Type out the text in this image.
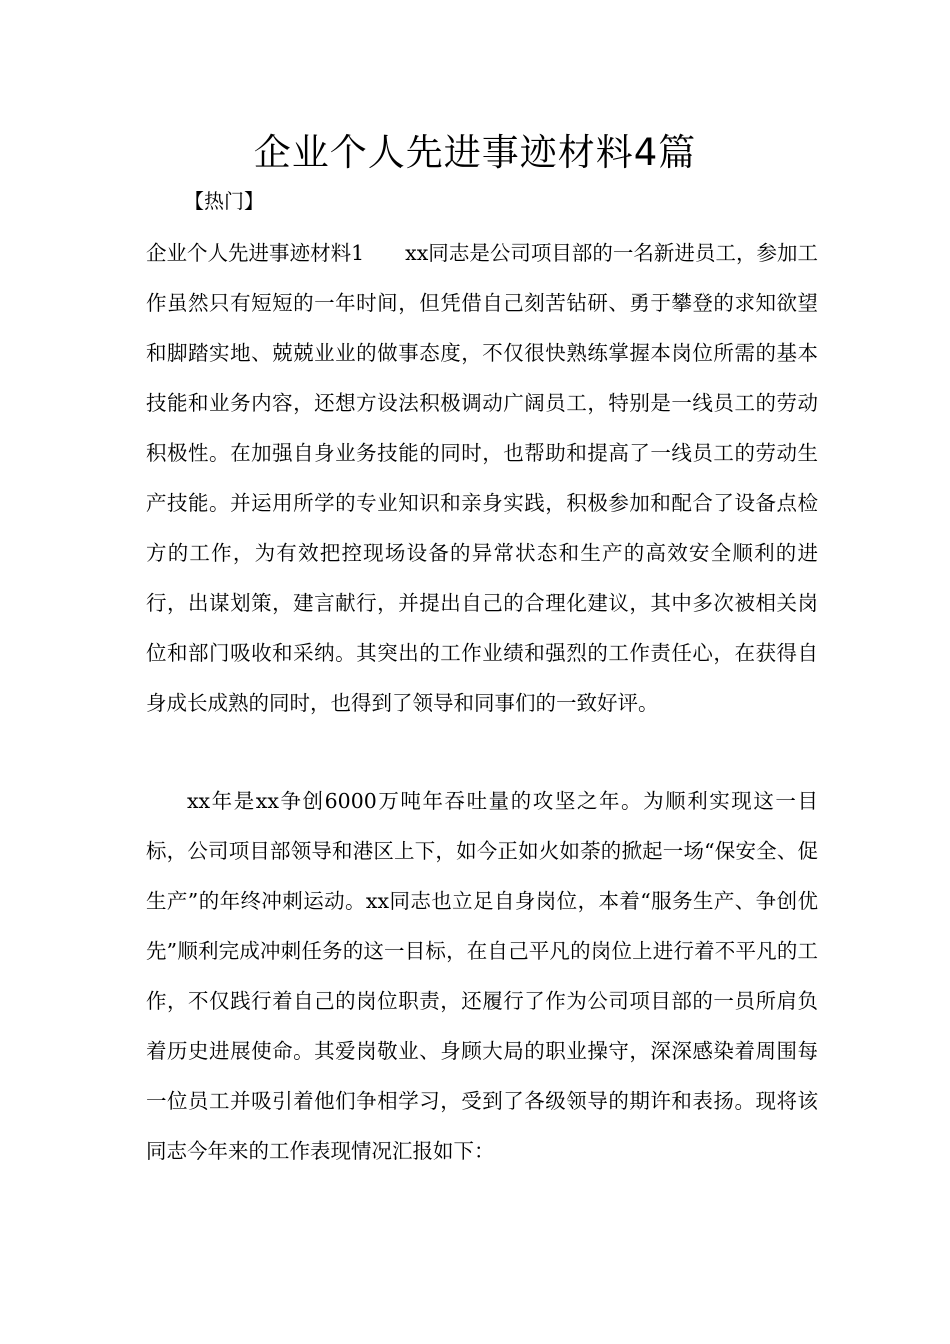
企业个人先进事迹材料4篇

【热门】

企业个人先进事迹材料1　　xx同志是公司项目部的一名新进员工，参加工作虽然只有短短的一年时间，但凭借自己刻苦钻研、勇于攀登的求知欲望和脚踏实地、兢兢业业的做事态度，不仅很快熟练掌握本岗位所需的基本技能和业务内容，还想方设法积极调动广阔员工，特别是一线员工的劳动积极性。在加强自身业务技能的同时，也帮助和提高了一线员工的劳动生产技能。并运用所学的专业知识和亲身实践，积极参加和配合了设备点检方的工作，为有效把控现场设备的异常状态和生产的高效安全顺利的进行，出谋划策，建言献行，并提出自己的合理化建议，其中多次被相关岗位和部门吸收和采纳。其突出的工作业绩和强烈的工作责任心，在获得自身成长成熟的同时，也得到了领导和同事们的一致好评。

xx年是xx争创6000万吨年吞吐量的攻坚之年。为顺利实现这一目标，公司项目部领导和港区上下，如今正如火如荼的掀起一场“保安全、促生产”的年终冲刺运动。xx同志也立足自身岗位，本着“服务生产、争创优先”顺利完成冲刺任务的这一目标，在自己平凡的岗位上进行着不平凡的工作，不仅践行着自己的岗位职责，还履行了作为公司项目部的一员所肩负着历史进展使命。其爱岗敬业、身顾大局的职业操守，深深感染着周围每一位员工并吸引着他们争相学习，受到了各级领导的期许和表扬。现将该同志今年来的工作表现情况汇报如下：
